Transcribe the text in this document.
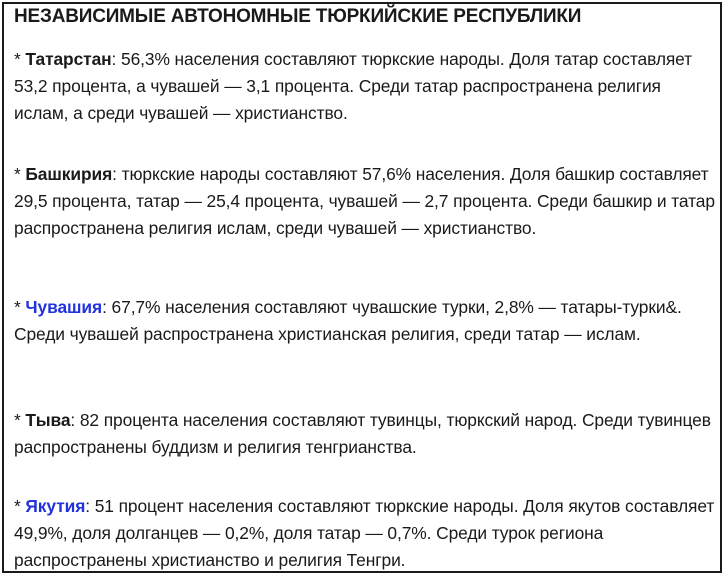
НЕЗАВИСИМЫЕ АВТОНОМНЫЕ ТЮРКИЙСКИЕ РЕСПУБЛИКИ

* Татарстан: 56,3% населения составляют тюркские народы. Доля татар составляет 53,2 процента, а чувашей — 3,1 процента. Среди татар распространена религия ислам, а среди чувашей — христианство.

* Башкирия: тюркские народы составляют 57,6% населения. Доля башкир составляет 29,5 процента, татар — 25,4 процента, чувашей — 2,7 процента. Среди башкир и татар распространена религия ислам, среди чувашей — христианство.

* Чувашия: 67,7% населения составляют чувашские турки, 2,8% — татары-турки&. Среди чувашей распространена христианская религия, среди татар — ислам.

* Тыва: 82 процента населения составляют тувинцы, тюркский народ. Среди тувинцев распространены буддизм и религия тенгрианства.

* Якутия: 51 процент населения составляют тюркские народы. Доля якутов составляет 49,9%, доля долганцев — 0,2%, доля татар — 0,7%. Среди турок региона распространены христианство и религия Тенгри.
